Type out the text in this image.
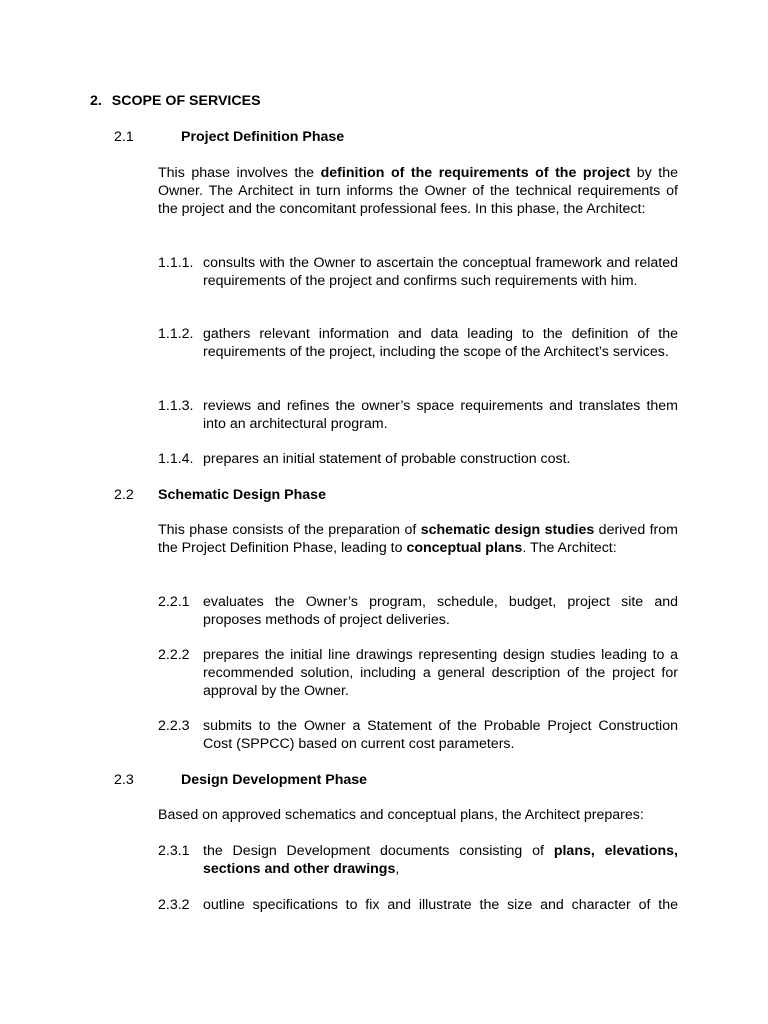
2. SCOPE OF SERVICES
2.1	Project Definition Phase

This phase involves the definition of the requirements of the project by the Owner. The Architect in turn informs the Owner of the technical requirements of the project and the concomitant professional fees. In this phase, the Architect:

1.1.1. consults with the Owner to ascertain the conceptual framework and related requirements of the project and confirms such requirements with him.
1.1.2. gathers relevant information and data leading to the definition of the requirements of the project, including the scope of the Architect’s services.
1.1.3. reviews and refines the owner’s space requirements and translates them into an architectural program.
1.1.4. prepares an initial statement of probable construction cost.
2.2 Schematic Design Phase

This phase consists of the preparation of schematic design studies derived from the Project Definition Phase, leading to conceptual plans. The Architect:

2.2.1 evaluates the Owner’s program, schedule, budget, project site and proposes methods of project deliveries.
2.2.2 prepares the initial line drawings representing design studies leading to a recommended solution, including a general description of the project for approval by the Owner.
2.2.3 submits to the Owner a Statement of the Probable Project Construction Cost (SPPCC) based on current cost parameters.
2.3	Design Development Phase

Based on approved schematics and conceptual plans, the Architect prepares:

2.3.1 the Design Development documents consisting of plans, elevations, sections and other drawings,
2.3.2 outline specifications to fix and illustrate the size and character of the
